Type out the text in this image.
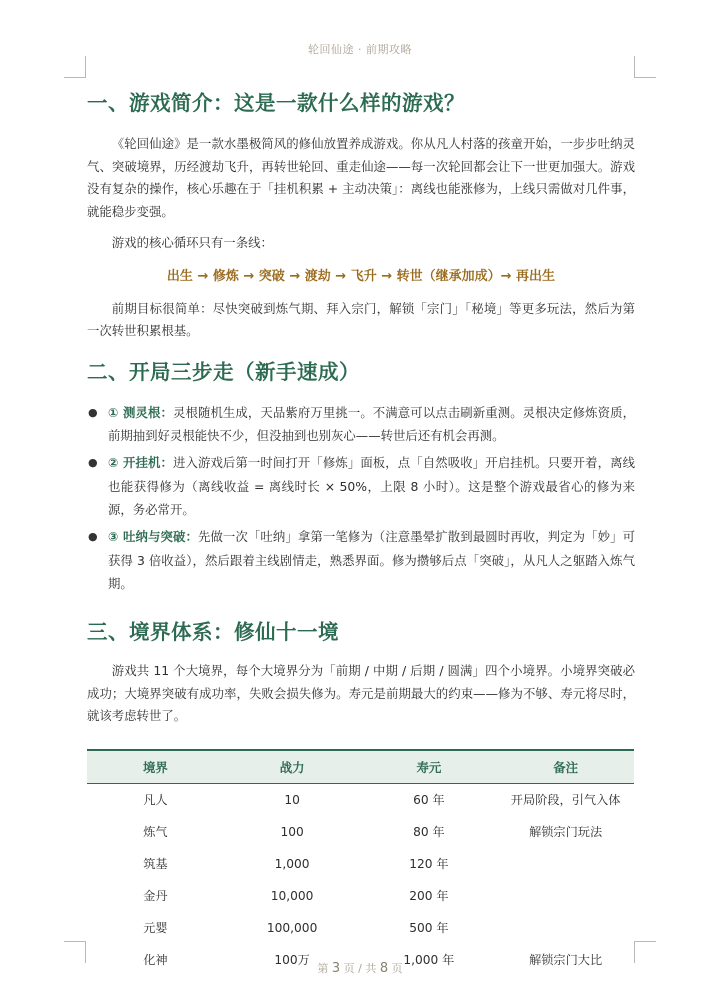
轮回仙途 · 前期攻略
一、游戏简介：这是一款什么样的游戏？

《轮回仙途》是一款水墨极简风的修仙放置养成游戏。你从凡人村落的孩童开始，一步步吐纳灵气、突破境界，历经渡劫飞升，再转世轮回、重走仙途——每一次轮回都会让下一世更加强大。游戏没有复杂的操作，核心乐趣在于「挂机积累 + 主动决策」：离线也能涨修为，上线只需做对几件事，就能稳步变强。

游戏的核心循环只有一条线：

出生 → 修炼 → 突破 → 渡劫 → 飞升 → 转世（继承加成）→ 再出生

前期目标很简单：尽快突破到炼气期、拜入宗门，解锁「宗门」「秘境」等更多玩法，然后为第一次转世积累根基。

二、开局三步走（新手速成）
● ① 测灵根：灵根随机生成，天品紫府万里挑一。不满意可以点击刷新重测。灵根决定修炼资质，前期抽到好灵根能快不少，但没抽到也别灰心——转世后还有机会再测。
● ② 开挂机：进入游戏后第一时间打开「修炼」面板，点「自然吸收」开启挂机。只要开着，离线也能获得修为（离线收益 = 离线时长 × 50%，上限 8 小时）。这是整个游戏最省心的修为来源，务必常开。
● ③ 吐纳与突破：先做一次「吐纳」拿第一笔修为（注意墨晕扩散到最圆时再收，判定为「妙」可获得 3 倍收益），然后跟着主线剧情走，熟悉界面。修为攒够后点「突破」，从凡人之躯踏入炼气期。
三、境界体系：修仙十一境

游戏共 11 个大境界，每个大境界分为「前期 / 中期 / 后期 / 圆满」四个小境界。小境界突破必成功；大境界突破有成功率，失败会损失修为。寿元是前期最大的约束——修为不够、寿元将尽时，就该考虑转世了。

境界	战力	寿元	备注
凡人	10	60 年	开局阶段，引气入体
炼气	100	80 年	解锁宗门玩法
筑基	1,000	120 年	
金丹	10,000	200 年	
元婴	100,000	500 年	
化神	100万	1,000 年	解锁宗门大比
第 3 页 / 共 8 页
